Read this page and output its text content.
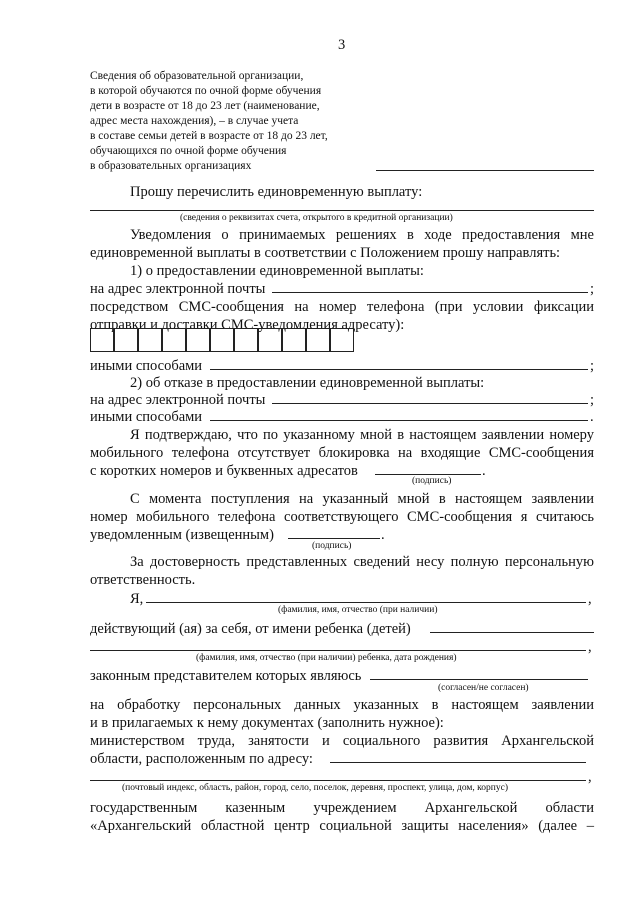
3
Сведения об образовательной организации,
в которой обучаются по очной форме обучения
дети в возрасте от 18 до 23 лет (наименование,
адрес места нахождения), – в случае учета
в составе семьи детей в возрасте от 18 до 23 лет,
обучающихся по очной форме обучения
в образовательных организациях
Прошу перечислить единовременную выплату:
(сведения о реквизитах счета, открытого в кредитной организации)
Уведомления о принимаемых решениях в ходе предоставления мне
единовременной выплаты в соответствии с Положением прошу направлять:
1) о предоставлении единовременной выплаты:
на адрес электронной почты	;
посредством СМС-сообщения на номер телефона (при условии фиксации
отправки и доставки СМС-уведомления адресату):
иными способами	;
2) об отказе в предоставлении единовременной выплаты:
на адрес электронной почты	;
иными способами	.
Я подтверждаю, что по указанному мной в настоящем заявлении номеру
мобильного телефона отсутствует блокировка на входящие СМС-сообщения
с коротких номеров и буквенных адресатов	.
(подпись)
С момента поступления на указанный мной в настоящем заявлении
номер мобильного телефона соответствующего СМС-сообщения я считаюсь
уведомленным (извещенным)	.
(подпись)
За достоверность представленных сведений несу полную персональную
ответственность.
Я,	,
(фамилия, имя, отчество (при наличии)
действующий (ая) за себя, от имени ребенка (детей)
,
(фамилия, имя, отчество (при наличии) ребенка, дата рождения)
законным представителем которых являюсь
(согласен/не согласен)
на обработку персональных данных указанных в настоящем заявлении
и в прилагаемых к нему документах (заполнить нужное):
министерством труда, занятости и социального развития Архангельской
области, расположенным по адресу:
,
(почтовый индекс, область, район, город, село, поселок, деревня, проспект, улица, дом, корпус)
государственным казенным учреждением Архангельской области
«Архангельский областной центр социальной защиты населения» (далее –
